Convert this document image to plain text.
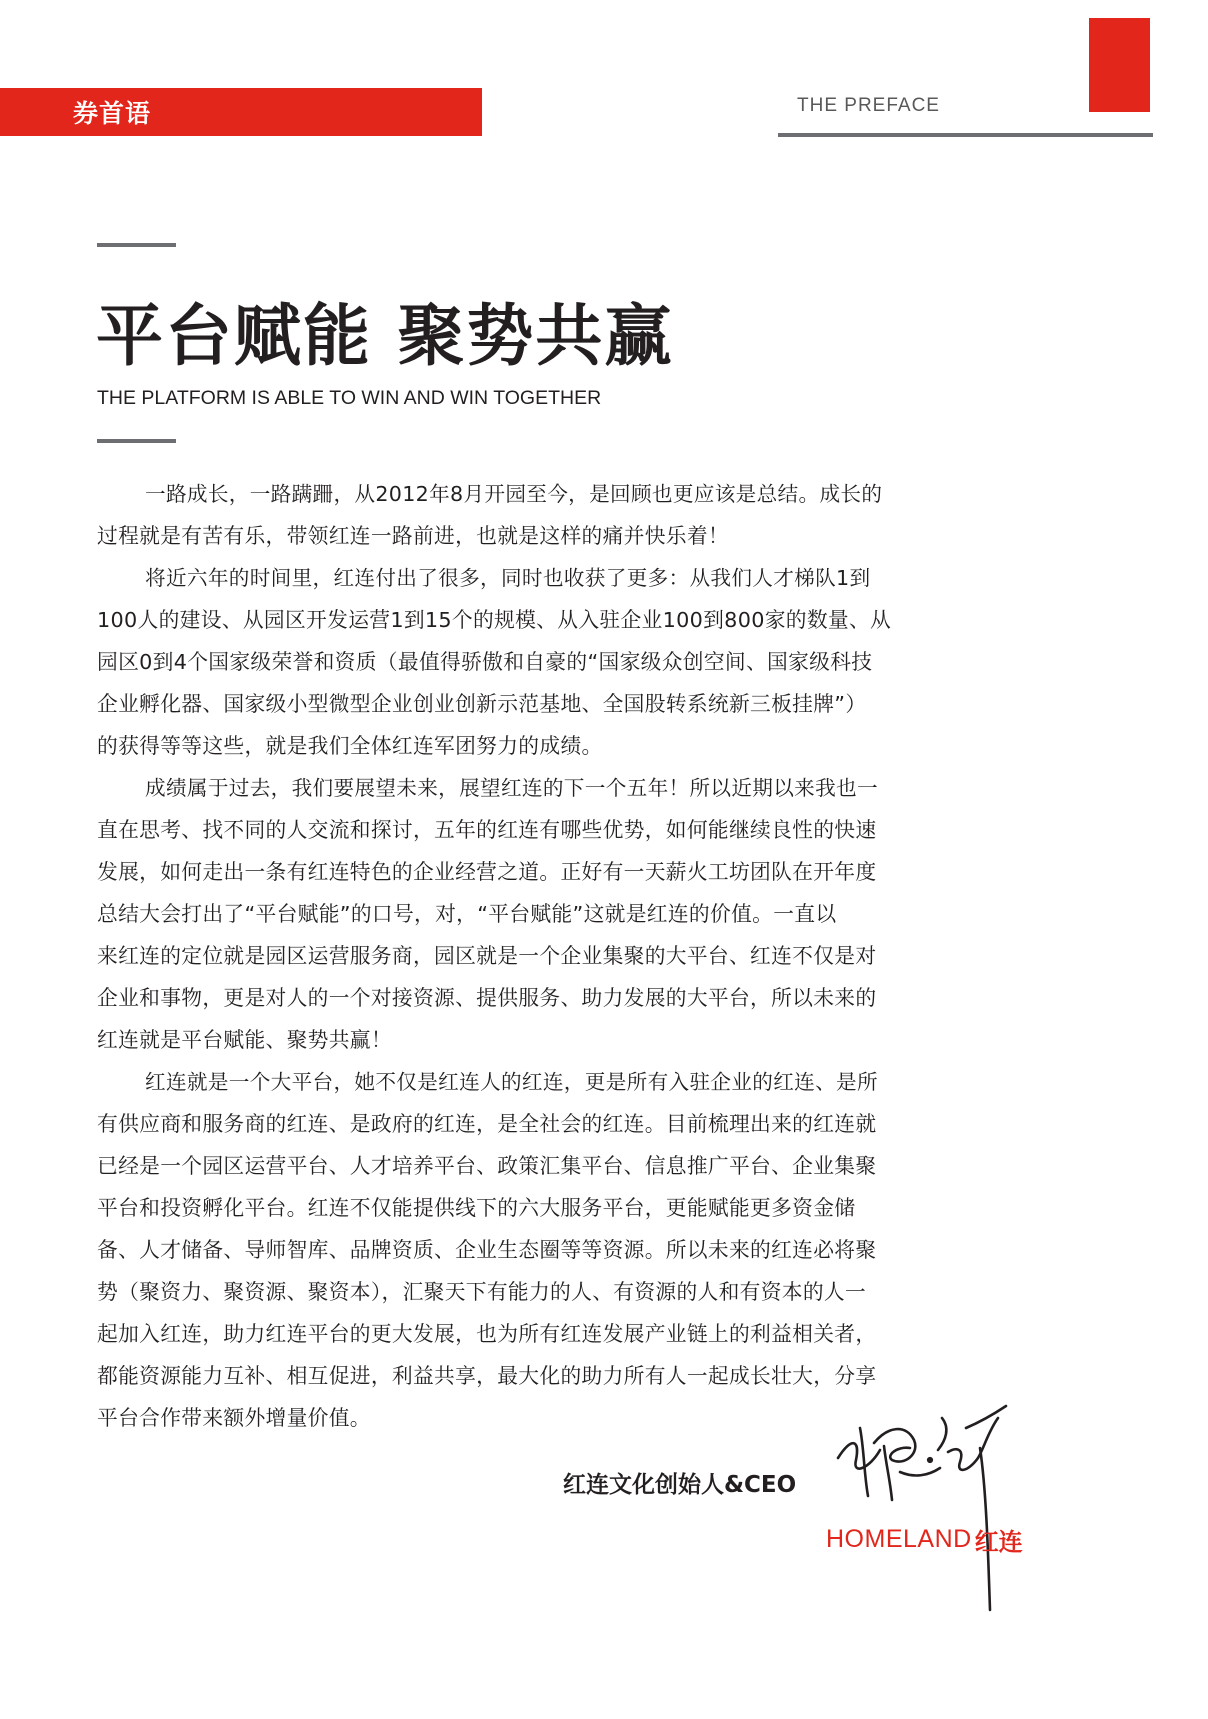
券首语	THE PREFACE
平台赋能 聚势共赢
THE PLATFORM IS ABLE TO WIN AND WIN TOGETHER
一路成长，一路蹒跚，从2012年8月开园至今，是回顾也更应该是总结。成长的
过程就是有苦有乐，带领红连一路前进，也就是这样的痛并快乐着！
将近六年的时间里，红连付出了很多，同时也收获了更多：从我们人才梯队1到
100人的建设、从园区开发运营1到15个的规模、从入驻企业100到800家的数量、从
园区0到4个国家级荣誉和资质（最值得骄傲和自豪的“国家级众创空间、国家级科技
企业孵化器、国家级小型微型企业创业创新示范基地、全国股转系统新三板挂牌”）
的获得等等这些，就是我们全体红连军团努力的成绩。
成绩属于过去，我们要展望未来，展望红连的下一个五年！所以近期以来我也一
直在思考、找不同的人交流和探讨，五年的红连有哪些优势，如何能继续良性的快速
发展，如何走出一条有红连特色的企业经营之道。正好有一天薪火工坊团队在开年度
总结大会打出了“平台赋能”的口号，对，“平台赋能”这就是红连的价值。一直以
来红连的定位就是园区运营服务商，园区就是一个企业集聚的大平台、红连不仅是对
企业和事物，更是对人的一个对接资源、提供服务、助力发展的大平台，所以未来的
红连就是平台赋能、聚势共赢！
红连就是一个大平台，她不仅是红连人的红连，更是所有入驻企业的红连、是所
有供应商和服务商的红连、是政府的红连，是全社会的红连。目前梳理出来的红连就
已经是一个园区运营平台、人才培养平台、政策汇集平台、信息推广平台、企业集聚
平台和投资孵化平台。红连不仅能提供线下的六大服务平台，更能赋能更多资金储
备、人才储备、导师智库、品牌资质、企业生态圈等等资源。所以未来的红连必将聚
势（聚资力、聚资源、聚资本），汇聚天下有能力的人、有资源的人和有资本的人一
起加入红连，助力红连平台的更大发展，也为所有红连发展产业链上的利益相关者，
都能资源能力互补、相互促进，利益共享，最大化的助力所有人一起成长壮大，分享
平台合作带来额外增量价值。
红连文化创始人&CEO
HOMELAND 红连
